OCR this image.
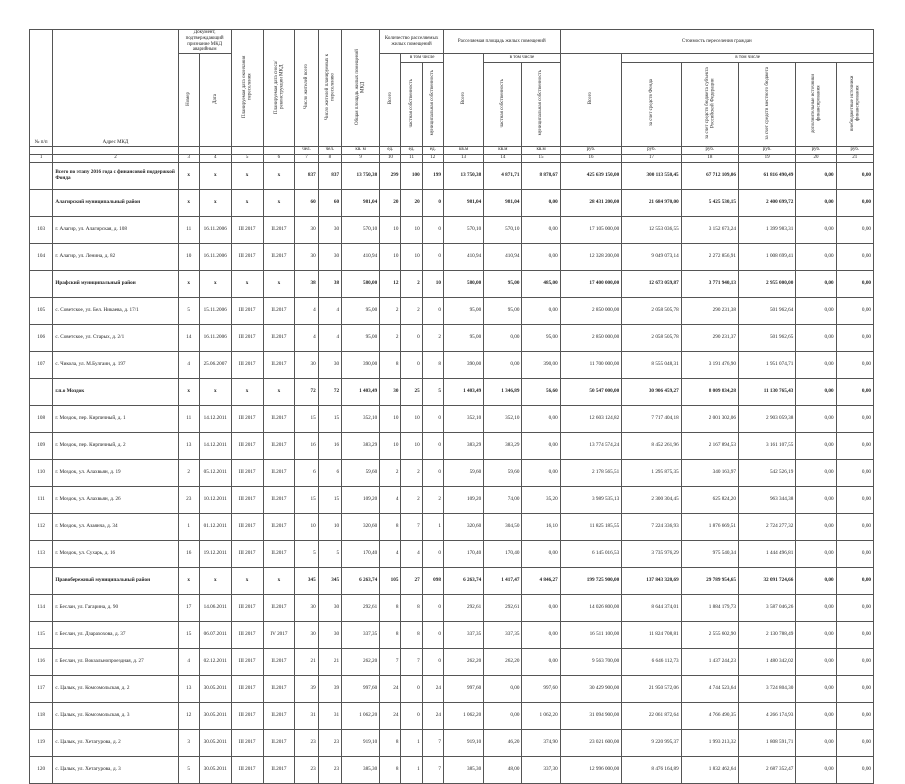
№ п/п	Адрес МКД	Документ, подтверждающий признание МКД аварийным		Планируемая дата окончания переселения	Планируемая дата сноса/ реконструкции МКД	Число жителей всего	Число жителей планируемых к переселению	Общая площадь жилых помещений МКД	Количество расселяемых жилых помещений			Расселяемая площадь жилых помещений			Стоимость переселения граждан					
		Номер	Дата						Всего	в том числе		Всего	в том числе		Всего	в том числе				
										частная собственность	муниципальная собственность		частная собственность	муниципальная собственность		за счет средств Фонда	за счет средств бюджета субъекта Российской Федерации	за счет средств местного бюджета	дополнительные источники финансирования	внебюджетные источники финансирования
						чел.	чел.	кв. м	ед.	ед.	ед.	кв.м	кв.м	кв.м	руб.	руб.	руб.	руб.	руб.	руб.
1	2	3	4	5	6	7	8	9	10	11	12	13	14	15	16	17	18	19	20	21
	Всего по этапу 2016 года с финансовой поддержкой Фонда	x	x	x	x	837	837	13 750,38	299	100	199	13 750,38	4 871,71	8 878,67	425 639 150,00	300 113 550,45	67 712 109,06	61 816 490,49	0,00	0,00
	Алагирский муниципальный район	x	x	x	x	60	60	981,04	20	20	0	981,04	981,04	0,00	28 431 200,00	21 684 970,00	5 425 530,15	2 400 699,72	0,00	0,00
103	г. Алагир, ул. Алагирская, д. 108	11	16.11.2006	III 2017	II.2017	30	30	570,10	10	10	0	570,10	570,10	0,00	17 105 000,00	12 553 036,55	3 152 673,24	1 399 983,31	0,00	0,00
104	г. Алагир, ул. Ленина, д. 82	10	16.11.2006	III 2017	II.2017	30	30	410,94	10	10	0	410,94	410,94	0,00	12 328 200,00	9 049 073,14	2 272 856,91	1 008 699,41	0,00	0,00
	Ирафский муниципальный район	x	x	x	x	38	38	580,00	12	2	10	580,00	95,00	485,00	17 400 000,00	12 673 059,87	3 771 940,13	2 955 000,00	0,00	0,00
105	с. Советское, ул. Бел. Никаева, д. 17/1	5	15.11.2006	III 2017	II.2017	4	4	95,00	2	2	0	95,00	95,00	0,00	2 850 000,00	2 058 505,78	290 231,38	501 962,64	0,00	0,00
106	с. Советское, ул. Старых, д. 2/1	14	16.11.2006	III 2017	II.2017	4	4	95,00	2	0	2	95,00	0,00	95,00	2 850 000,00	2 058 505,78	290 231,37	501 962,65	0,00	0,00
107	с. Чикола, ул. М.Булгаин, д. 197	4	25.06.2007	III 2017	II.2017	30	30	390,00	8	0	8	390,00	0,00	390,00	11 700 000,00	8 555 048,31	3 191 476,90	1 951 074,71	0,00	0,00
	г.п.о Моздок	x	x	x	x	72	72	1 403,49	30	25	5	1 403,49	1 346,89	56,60	50 547 000,00	30 906 459,27	8 009 834,28	11 130 765,43	0,00	0,00
108	г. Моздок, пер. Кирпичный, д. 1	11	14.12.2011	III 2017	II.2017	15	15	352,10	10	10	0	352,10	352,10	0,00	12 603 124,82	7 717 404,18	2 001 302,06	2 903 059,38	0,00	0,00
109	г. Моздок, пер. Кирпичный, д. 2	13	14.12.2011	III 2017	II.2017	16	16	383,29	10	10	0	383,29	383,29	0,00	13 774 574,24	8 452 261,96	2 167 894,53	3 161 107,55	0,00	0,00
110	г. Моздок, ул. Алахвьян, д. 19	2	05.12.2011	III 2017	II.2017	6	6	59,60	2	2	0	59,60	59,60	0,00	2 178 565,51	1 295 875,35	340 163,97	542 526,19	0,00	0,00
111	г. Моздок, ул. Алахвьян, д. 26	23	10.12.2011	III 2017	II.2017	15	15	109,20	4	2	2	109,20	74,00	35,20	3 989 535,13	2 300 304,45	625 824,20	963 344,38	0,00	0,00
112	г. Моздок, ул. Азаянча, д. 34	1	01.12.2011	III 2017	II.2017	10	10	320,60	8	7	1	320,60	304,50	16,10	11 825 185,55	7 224 336,93	1 876 669,51	2 724 277,32	0,00	0,00
113	г. Моздок, ул. Сухарь, д. 16	16	19.12.2011	III 2017	II.2017	5	5	170,40	4	4	0	170,40	170,40	0,00	6 145 016,53	3 735 976,29	975 540,34	1 444 496,81	0,00	0,00
	Правобережный муниципальный район	x	x	x	x	345	345	6 263,74	105	27	098	6 263,74	1 417,47	4 846,27	199 725 900,00	137 843 320,69	29 789 954,65	32 091 724,66	0,00	0,00
114	г. Беслан, ул. Гагарина, д. 90	17	14.06.2011	III 2017	II.2017	30	30	292,61	8	8	0	292,61	292,61	0,00	14 026 800,00	8 644 374,01	1 884 179,73	3 587 046,26	0,00	0,00
115	г. Беслан, ул. Дзарахохова, д. 37	15	06.07.2011	III 2017	IV 2017	30	30	337,35	8	8	0	337,35	337,35	0,00	16 511 100,00	11 824 708,81	2 555 602,90	2 130 788,49	0,00	0,00
116	г. Беслан, ул. Вокзальнопроездная, д. 27	4	02.12.2011	III 2017	II.2017	21	21	262,20	7	7	0	262,20	262,20	0,00	9 563 700,00	6 646 112,73	1 437 244,23	1 480 342,02	0,00	0,00
117	с. Цалык, ул. Комсомольская, д. 2	13	30.05.2011	III 2017	II.2017	39	39	997,60	24	0	24	997,60	0,00	997,60	30 429 900,00	21 950 572,06	4 744 523,64	3 724 804,30	0,00	0,00
118	с. Цалык, ул. Комсомольская, д. 3	12	30.05.2011	III 2017	II.2017	31	31	1 062,20	24	0	24	1 062,20	0,00	1 062,20	31 094 900,00	22 061 872,64	4 766 490,35	4 266 174,93	0,00	0,00
119	с. Цалык, ул. Хетагурова, д. 2	3	30.05.2011	III 2017	II.2017	23	23	919,10	8	1	7	919,10	46,20	374,90	23 021 600,00	9 220 995,37	1 993 213,32	1 808 591,71	0,00	0,00
120	с. Цалык, ул. Хетагурова, д. 3	5	30.05.2011	III 2017	II.2017	23	23	385,30	8	1	7	385,30	48,00	337,30	12 996 000,00	8 476 164,89	1 832 462,64	2 687 352,47	0,00	0,00
